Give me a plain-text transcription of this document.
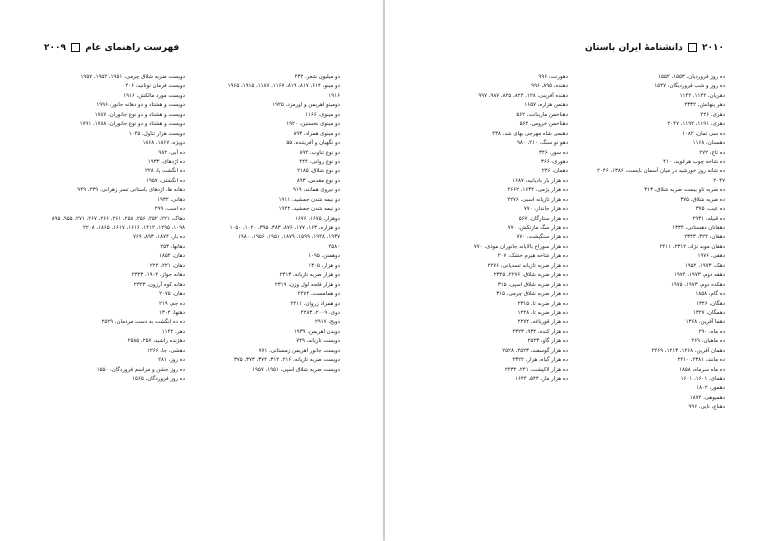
فهرست راهنمای عام  ۲۰۰۹
دو میلیون شعر، ۴۳۲
دو مینو، ۶۱۴، ۸۱۷، ۸۱۹، ۱۱۶۷، ۱۱۸۷، ۱۹۱۵، ۱۹۶۵
۱۹۱۶
دومینو اهریمن و اورمزد، ۱۹۲۵
دو مینوی، ۱۱۶۶
دو مینوی نخستین، ۱۹۲۰
دو مینوی همزاد، ۸۹۳
دو نگهبان و آفریننده، ۵۵
دو نوع تناوب، ۸۹۲
دو نوع روانی، ۴۴۴
دو نوع شلاق، ۲۱۸۵
دو نوع مقدس، ۸۹۳
دو نیروی همانند، ۹۱۹
دو نیمه شدن جمشید، ۱۹۱۱
دو نیمه شدن جمشید، ۱۹۲۴
دوهزار، ۱۶۷۵، ۱۶۷۶
دو هزاره، ۱۶۳، ۱۷۷، ۸۷۶، ۳۸۳، ۳۹۵، ۱۰۲۰، ۱۰۵۰
۱۹۳۷، ۱۹۴۸، ۱۵۹۹، ۱۸۷۹، ۱۹۵۱، ۱۹۵۶، ۱۹۸۰
۲۵۸۰
دوهمتن، ۱۰۹۵
دو هزار، ۱۳۰۵
دو هزار ضربه تازیانه، ۲۳۱۳
دو هزار فلجه لول وزن، ۲۳۱۹
دو همامست، ۲۲۷۴
دو همزاد زروان، ۲۴۱۱
دوی، ۲۰۰۹، ۲۲۸۳
دویح، ۲۹۱۷
دویدن اهریمن، ۱۹۳۹
دویست تازیانه، ۷۴۹
دویست جانور اهریمن زمستانی، ۷۷۱
دویست ضربه تازیانه، ۲۱۶، ۳۱۲، ۳۷۴، ۳۷۳، ۳۷۵
دویست ضربه شلاق اسپی، ۱۹۵۱، ۱۹۵۷
دویست ضربه شلاق چرمی، ۱۹۵۱، ۱۹۵۲، ۱۹۵۷
دویست فرمان تونانید، ۲۰۶
دویست مورد مالکش، ۱۹۱۶
دویست و هشتاد و دو دهانه جانور، ۱۹۹۶
دویست و هشتاد و دو نوع جانوران، ۱۷۸۷
دویست و هشتاد و دو نوع جانوران، ۱۷۸۸، ۱۷۹۱
دویست هزار تناول، ۱۰۴۵
دویژه، ۱۸۶۷، ۱۸۶۸
ده آبی، ۹۸۲
ده اژدهای، ۱۹۳۳
ده انگشت پا، ۲۲۸
ده انگشتی، ۱۹۵۷
دهانه ها، اژدهای باستانی تسر زهرانی، ۲۳۹، ۹۴۹
دهانی، ۱۹۳۲
ده اسب، ۲۹۹
دهاک، ۲۲۱، ۲۵۲، ۲۵۶، ۲۵۸، ۲۶۱، ۲۶۶، ۲۶۷، ۲۷۱، ۹۵۵، ۸۹۵
۱۰۹۸، ۱۲۹۵، ۱۴۱۲، ۱۶۱۶، ۱۶۱۷، ۱۸۶۵، ۲۲۰۸
ده بار، ۱۸۷۴، ۸۹۳، ۷۶۹
دهاتها، ۲۵۳
دهان، ۱۸۵۴
دهان، ۲۲۱، ۲۲۲
دهانه جواز، ۱۹۰۴، ۲۳۲۳
دهانه کوه آرزون، ۲۳۲۳
دهان، ۲۰۷۵
ده جم، ۲۱۹
دهتها، ۱۳۰۴
ده ده انگشت به دست مردمان، ۲۵۲۹
دهر، ۱۱۴۲
دهژنده راشید، ۲۵۷، ۲۵۸۵
دهشی، جا، ۱۲۶۶
ده روز، ۲۸۱
ده روز جشن و مراسم فروردگان، ۱۵۵۰
ده روز فروردگان، ۱۵۶۵
۲۰۱۰  دانشنامهٔ ایران باستان
ده روز فروردیان، ۱۵۵۳، ۱۵۵۲
ده روز و شب فروردیگان، ۱۵۴۷
دهریان، ۱۱۴۴، ۱۱۴۲
دهر پنهانش، ۲۳۳۲
دهری، ۲۲۶
دهری، ۱۱۹۱، ۱۱۹۲، ۲۰۴۷
ده سی تمان، ۱۰۸۲
دهسنان، ۱۱۶۸
ده تاج، ۲۷۲
ده شاخه چوب هرغوید، ۴۱۰
ده شانه روز خورشید در میان آسمان بایست، ۱۳۸۶، ۲۰۴۶
۲۰۴۷
ده ضربه تاو بیست ضربه شلاق، ۳۱۳
ده ضربه شلاق، ۳۷۵
ده عیب، ۳۷۵
ده قبیله، ۲۹۳۱
دهقانان دهستانی، ۱۳۳۴
دهقان، ۳۲۴، ۲۳۴۳
دهقان موبد نژاد، ۲۳۱۲، ۲۴۱۱
دهقی، ۱۹۷۶
دهک، ۱۹۷۳، ۱۹۵۲
دهقه دوم، ۱۹۷۳، ۱۹۷۴
دهکده دوم، ۱۹۷۳، ۱۹۷۵
ده گام، ۱۸۵۸
دهگان، ۱۳۴۶
دهمگان، ۱۳۲۷
دهما آفرین، ۱۳۶۸
ده ماه، ۲۹۰
ده ماهیان، ۲۶۹
دهمان آفرین، ۱۲۶۸، ۱۲۱۳، ۲۲۶۹
ده مانند، ۲۳۸۱، ۲۴۱۰
ده ماه سرماه، ۱۸۵۸
دهمای، ۱۶۰۱، ۱۶۰۱
دهمور، ۱۸۰۲
دهمیوهی، ۱۸۷۲
دهناع، تایی، ۹۹۶
دهورنت، ۹۹۶
دهنده، ۸۹۵، ۹۹۶
دهنده آفرینی، ۱۲۸، ۸۲۴، ۸۲۵، ۹۸۷، ۹۹۷
دهنمن هزاره، ۱۶۵۷
دهناخمن مارینانت، ۵۶۲
دهناخمن خروس، ۵۶۲
دهنمی شاه مهرجی بهای شد، ۴۳۸
دهو نو سنگ، ۲۱۰، ۹۸۰
ده سور، ۳۴۶
دهوری، ۳۶۶
دهمان، ۲۴۶
ده هزار بار بادیانیه، ۱۶۸۷
ده هزار پژمی، ۱۶۳۴، ۲۶۶۲
ده هزار تازیانه اسبی، ۲۲۷۶
ده هزار جاندار، ۷۷۰
ده هزار ستارگان، ۵۶۷
ده هزار سگ مازنکش، ۷۷۰
ده هزار سنگپشت، ۷۷۰
ده هزار سوراخ بالایانه جانوران موذی، ۷۷۰
ده هزار شاخه هیزم خشک، ۲۰۷
ده هزار ضربه تازیانه تسدیانی، ۲۲۷۶
ده هزار ضربه شلاق، ۲۲۷۶، ۲۳۴۵
ده هزار ضربه شلاق اسپی، ۳۱۵
ده هزار ضربه شلاق چرمی، ۳۱۵
ده هزار ضربه تا، ۲۳۱۵
ده هزار ضربه تا، ۱۴۴۸
ده هزار قورباغه، ۲۲۷۴
ده هزار کنده، ۹۳۴، ۲۳۲۳
ده هزار گاو، ۲۵۲۳
ده هزار گوسفند، ۲۵۲۳، ۲۵۲۸
ده هزار گیاه، هزار، ۲۳۲۲
ده هزار لاکپشت، ۲۴۱، ۲۴۳۲
ده هزار مار، ۵۴۴، ۱۶۴۴
